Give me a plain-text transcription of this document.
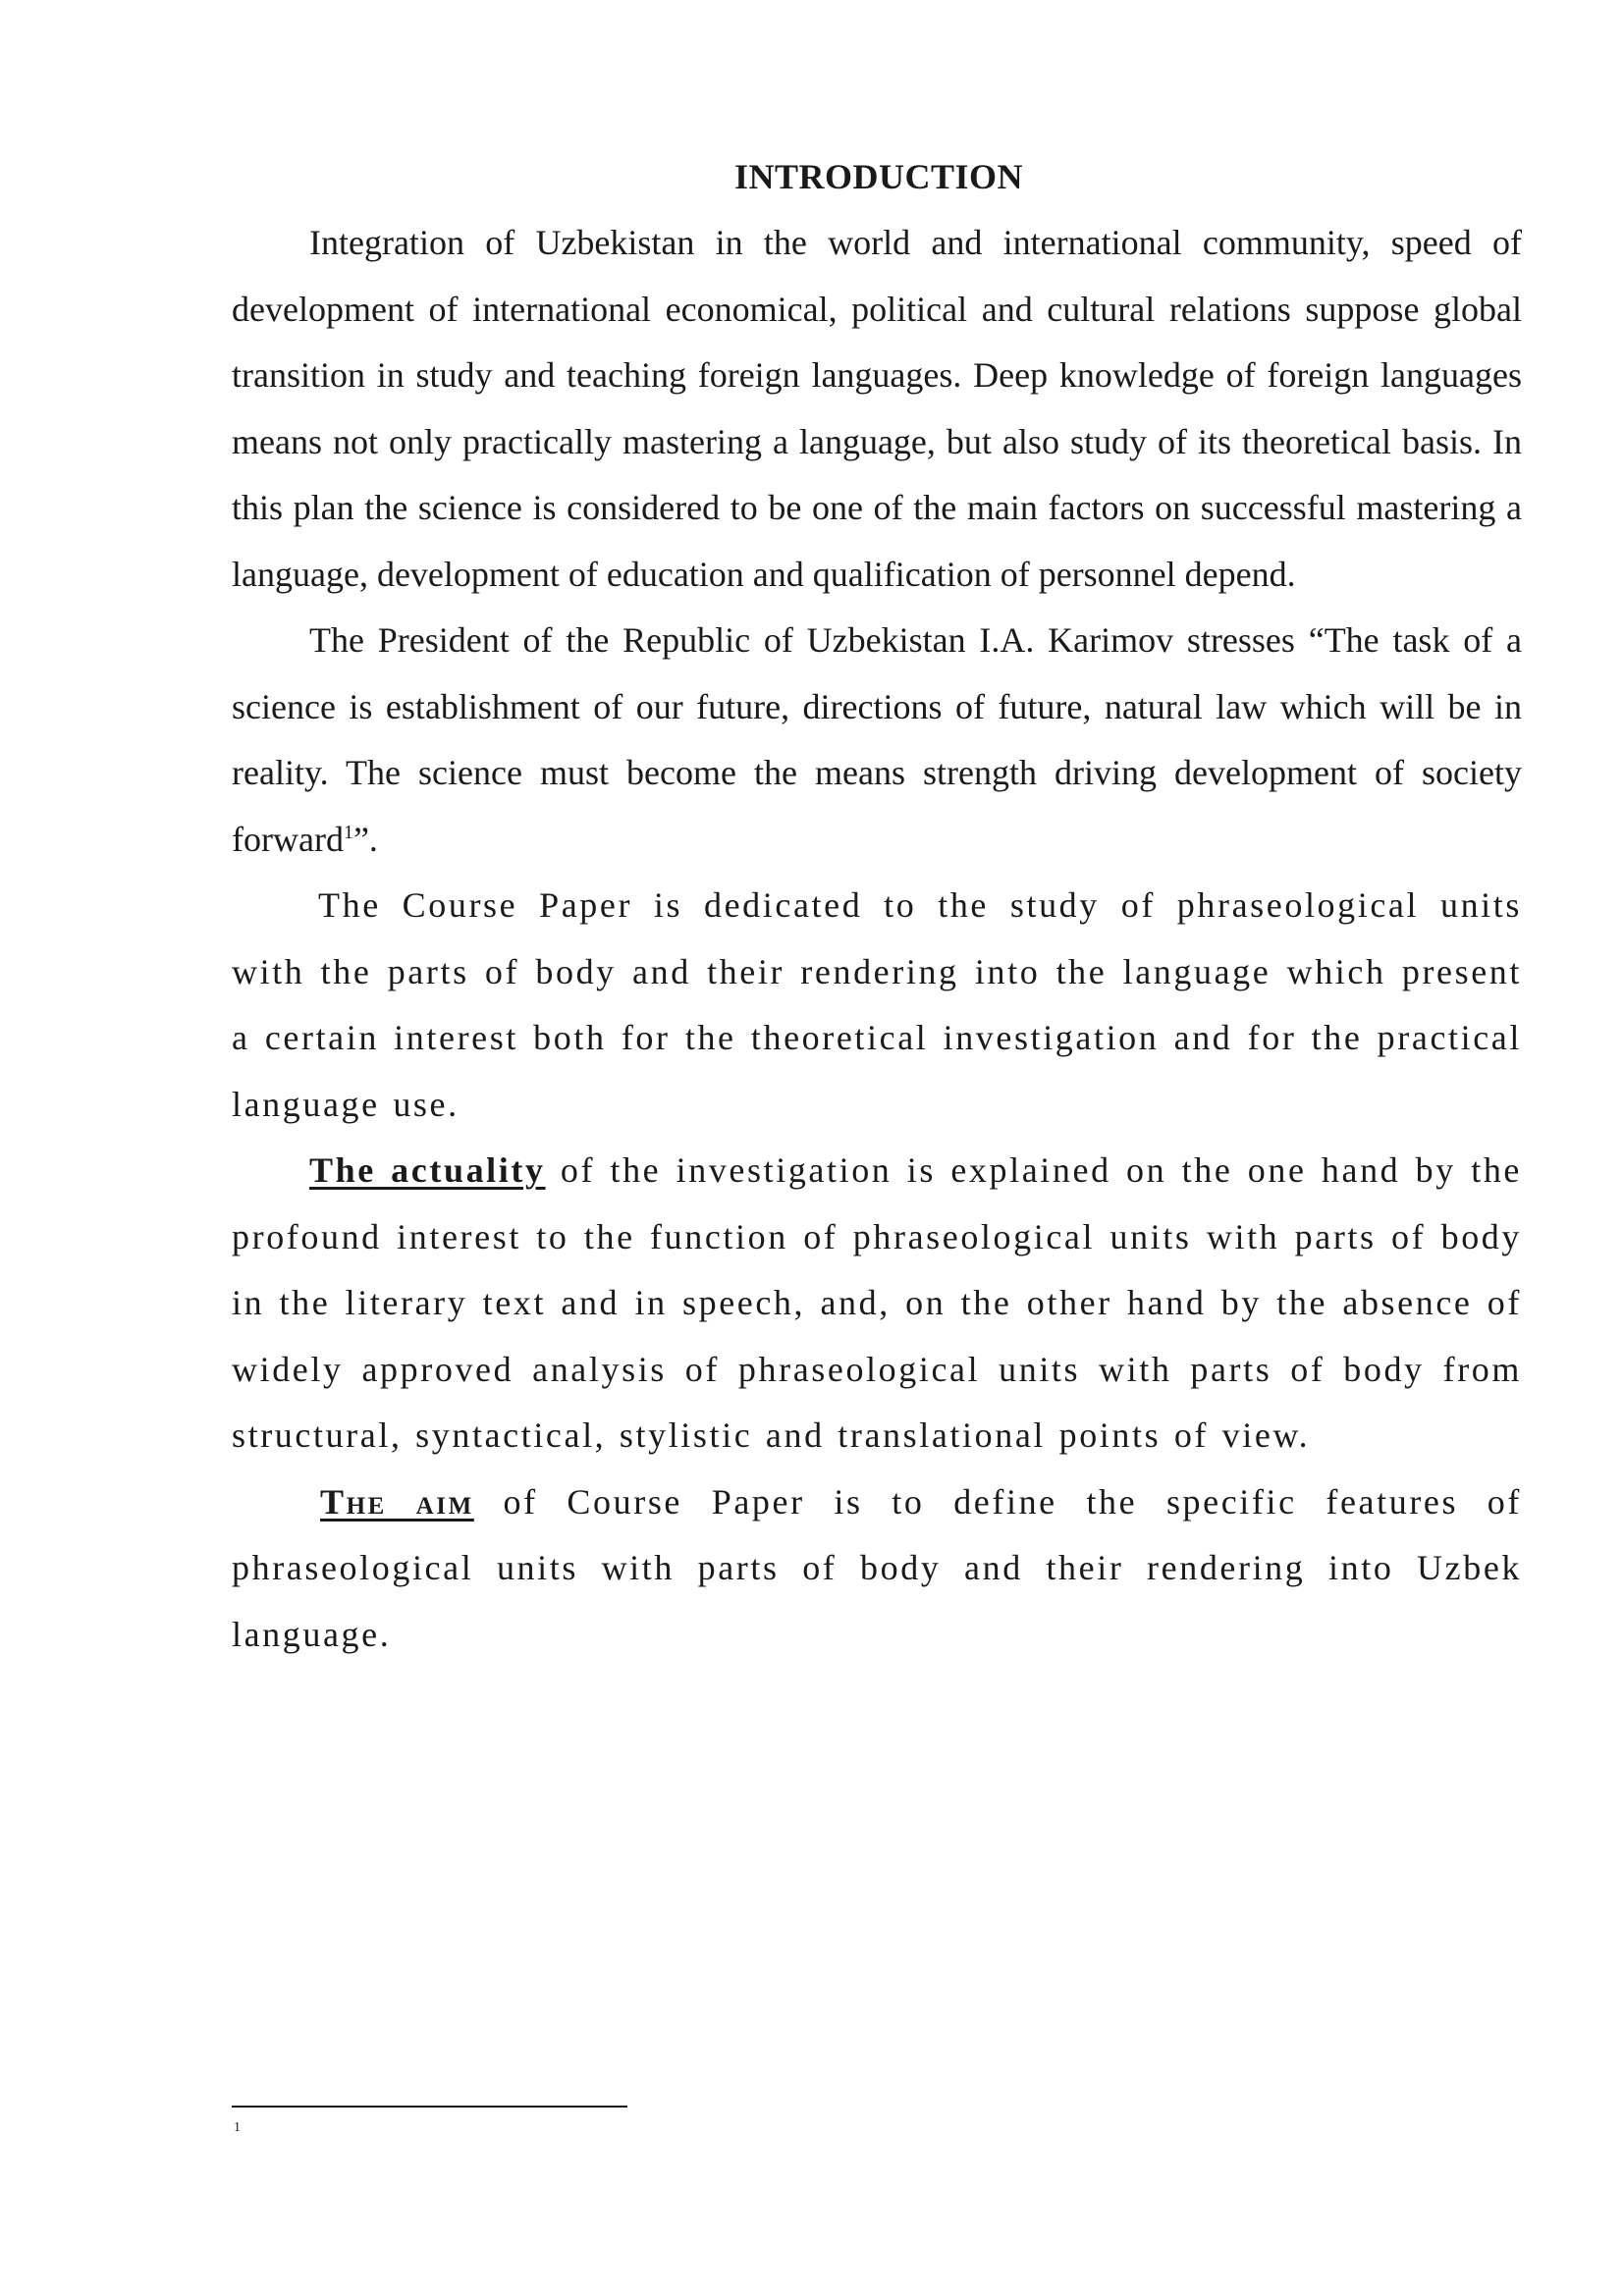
INTRODUCTION

Integration of Uzbekistan in the world and international community, speed of development of international economical, political and cultural relations suppose global transition in study and teaching foreign languages. Deep knowledge of foreign languages means not only practically mastering a language, but also study of its theoretical basis. In this plan the science is considered to be one of the main factors on successful mastering a language, development of education and qualification of personnel depend.

The President of the Republic of Uzbekistan I.A. Karimov stresses “The task of a science is establishment of our future, directions of future, natural law which will be in reality. The science must become the means strength driving development of society forward$^1$”.

The Course Paper is dedicated to the study of phraseological units with the parts of body and their rendering into the language which present a certain interest both for the theoretical investigation and for the practical language use.

The actuality of the investigation is explained on the one hand by the profound interest to the function of phraseological units with parts of body in the literary text and in speech, and, on the other hand by the absence of widely approved analysis of phraseological units with parts of body from structural, syntactical, stylistic and translational points of view.

The aim of Course Paper is to define the specific features of phraseological units with parts of body and their rendering into Uzbek language.

1
